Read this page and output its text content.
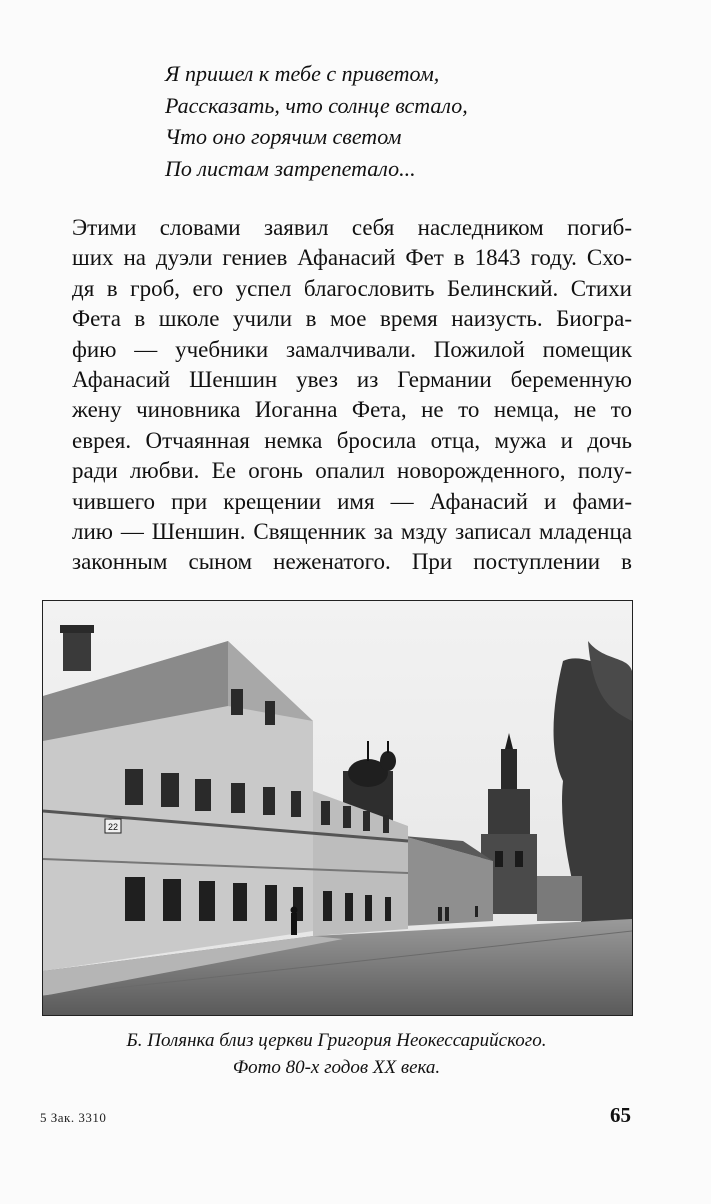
Я пришел к тебе с приветом,
Рассказать, что солнце встало,
Что оно горячим светом
По листам затрепетало...
Этими словами заявил себя наследником погиб-
ших на дуэли гениев Афанасий Фет в 1843 году. Схо-
дя в гроб, его успел благословить Белинский. Стихи
Фета в школе учили в мое время наизусть. Биогра-
фию — учебники замалчивали. Пожилой помещик
Афанасий Шеншин увез из Германии беременную
жену чиновника Иоганна Фета, не то немца, не то
еврея. Отчаянная немка бросила отца, мужа и дочь
ради любви. Ее огонь опалил новорожденного, полу-
чившего при крещении имя — Афанасий и фами-
лию — Шеншин. Священник за мзду записал младенца
законным сыном неженатого. При поступлении в
22
Б. Полянка близ церкви Григория Неокессарийского.
Фото 80-х годов XX века.
5 Зак. 3310	65
